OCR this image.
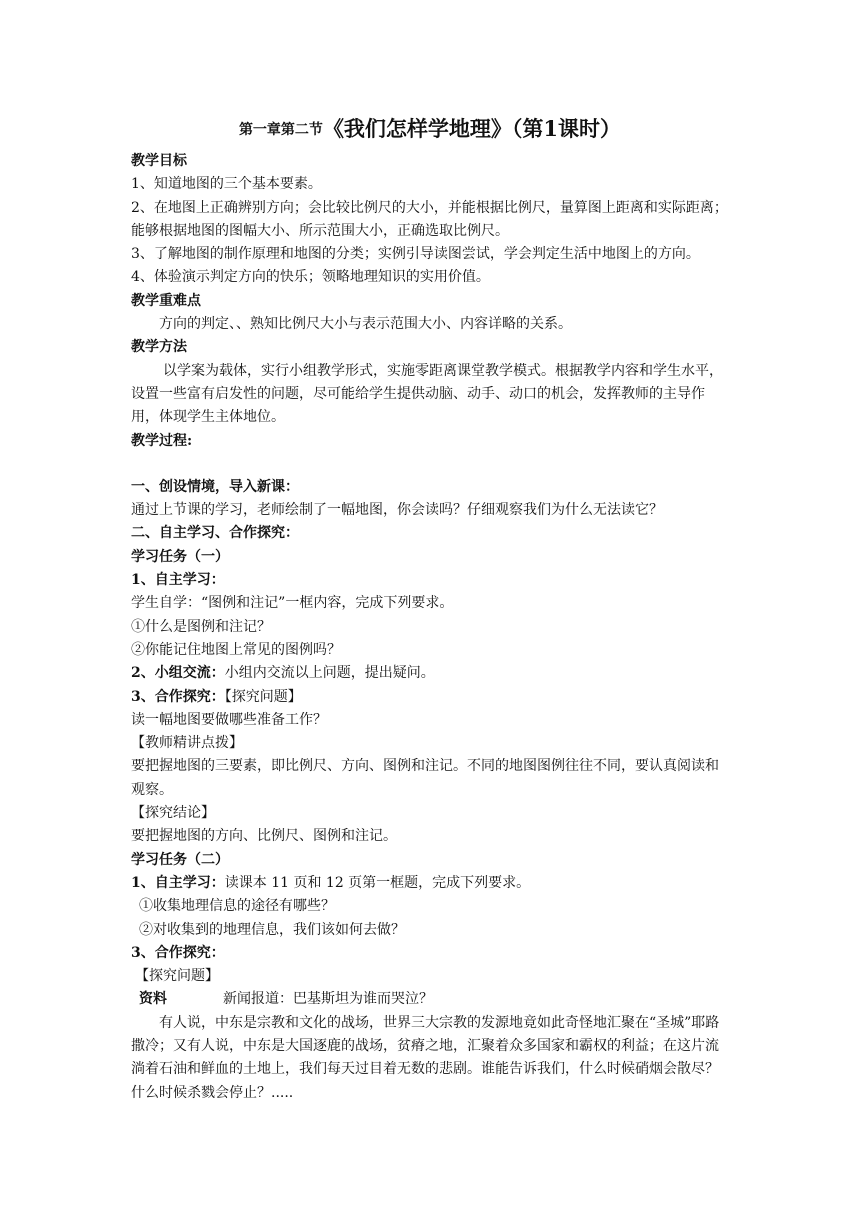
第一章第二节《我们怎样学地理》（第1课时）

教学目标

1、知道地图的三个基本要素。

2、在地图上正确辨别方向；会比较比例尺的大小，并能根据比例尺，量算图上距离和实际距离；能够根据地图的图幅大小、所示范围大小，正确选取比例尺。

3、了解地图的制作原理和地图的分类；实例引导读图尝试，学会判定生活中地图上的方向。

4、体验演示判定方向的快乐；领略地理知识的实用价值。

教学重难点

方向的判定、、熟知比例尺大小与表示范围大小、内容详略的关系。

教学方法

以学案为载体，实行小组教学形式，实施零距离课堂教学模式。根据教学内容和学生水平，设置一些富有启发性的问题，尽可能给学生提供动脑、动手、动口的机会，发挥教师的主导作用，体现学生主体地位。

教学过程:

一、创设情境，导入新课：

通过上节课的学习，老师绘制了一幅地图，你会读吗？仔细观察我们为什么无法读它？

二、自主学习、合作探究：

学习任务（一）

1、自主学习：

学生自学：“图例和注记”一框内容，完成下列要求。

①什么是图例和注记？

②你能记住地图上常见的图例吗？

2、小组交流：小组内交流以上问题，提出疑问。

3、合作探究：【探究问题】

读一幅地图要做哪些准备工作？

【教师精讲点拨】

要把握地图的三要素，即比例尺、方向、图例和注记。不同的地图图例往往不同，要认真阅读和观察。

【探究结论】

要把握地图的方向、比例尺、图例和注记。

学习任务（二）

1、自主学习：读课本 11 页和 12 页第一框题，完成下列要求。

①收集地理信息的途径有哪些？

②对收集到的地理信息，我们该如何去做？

3、合作探究：

【探究问题】

资料	新闻报道：巴基斯坦为谁而哭泣？

有人说，中东是宗教和文化的战场，世界三大宗教的发源地竟如此奇怪地汇聚在“圣城”耶路撒冷；又有人说，中东是大国逐鹿的战场，贫瘠之地，汇聚着众多国家和霸权的利益；在这片流淌着石油和鲜血的土地上，我们每天过目着无数的悲剧。谁能告诉我们，什么时候硝烟会散尽？什么时候杀戮会停止？.....
